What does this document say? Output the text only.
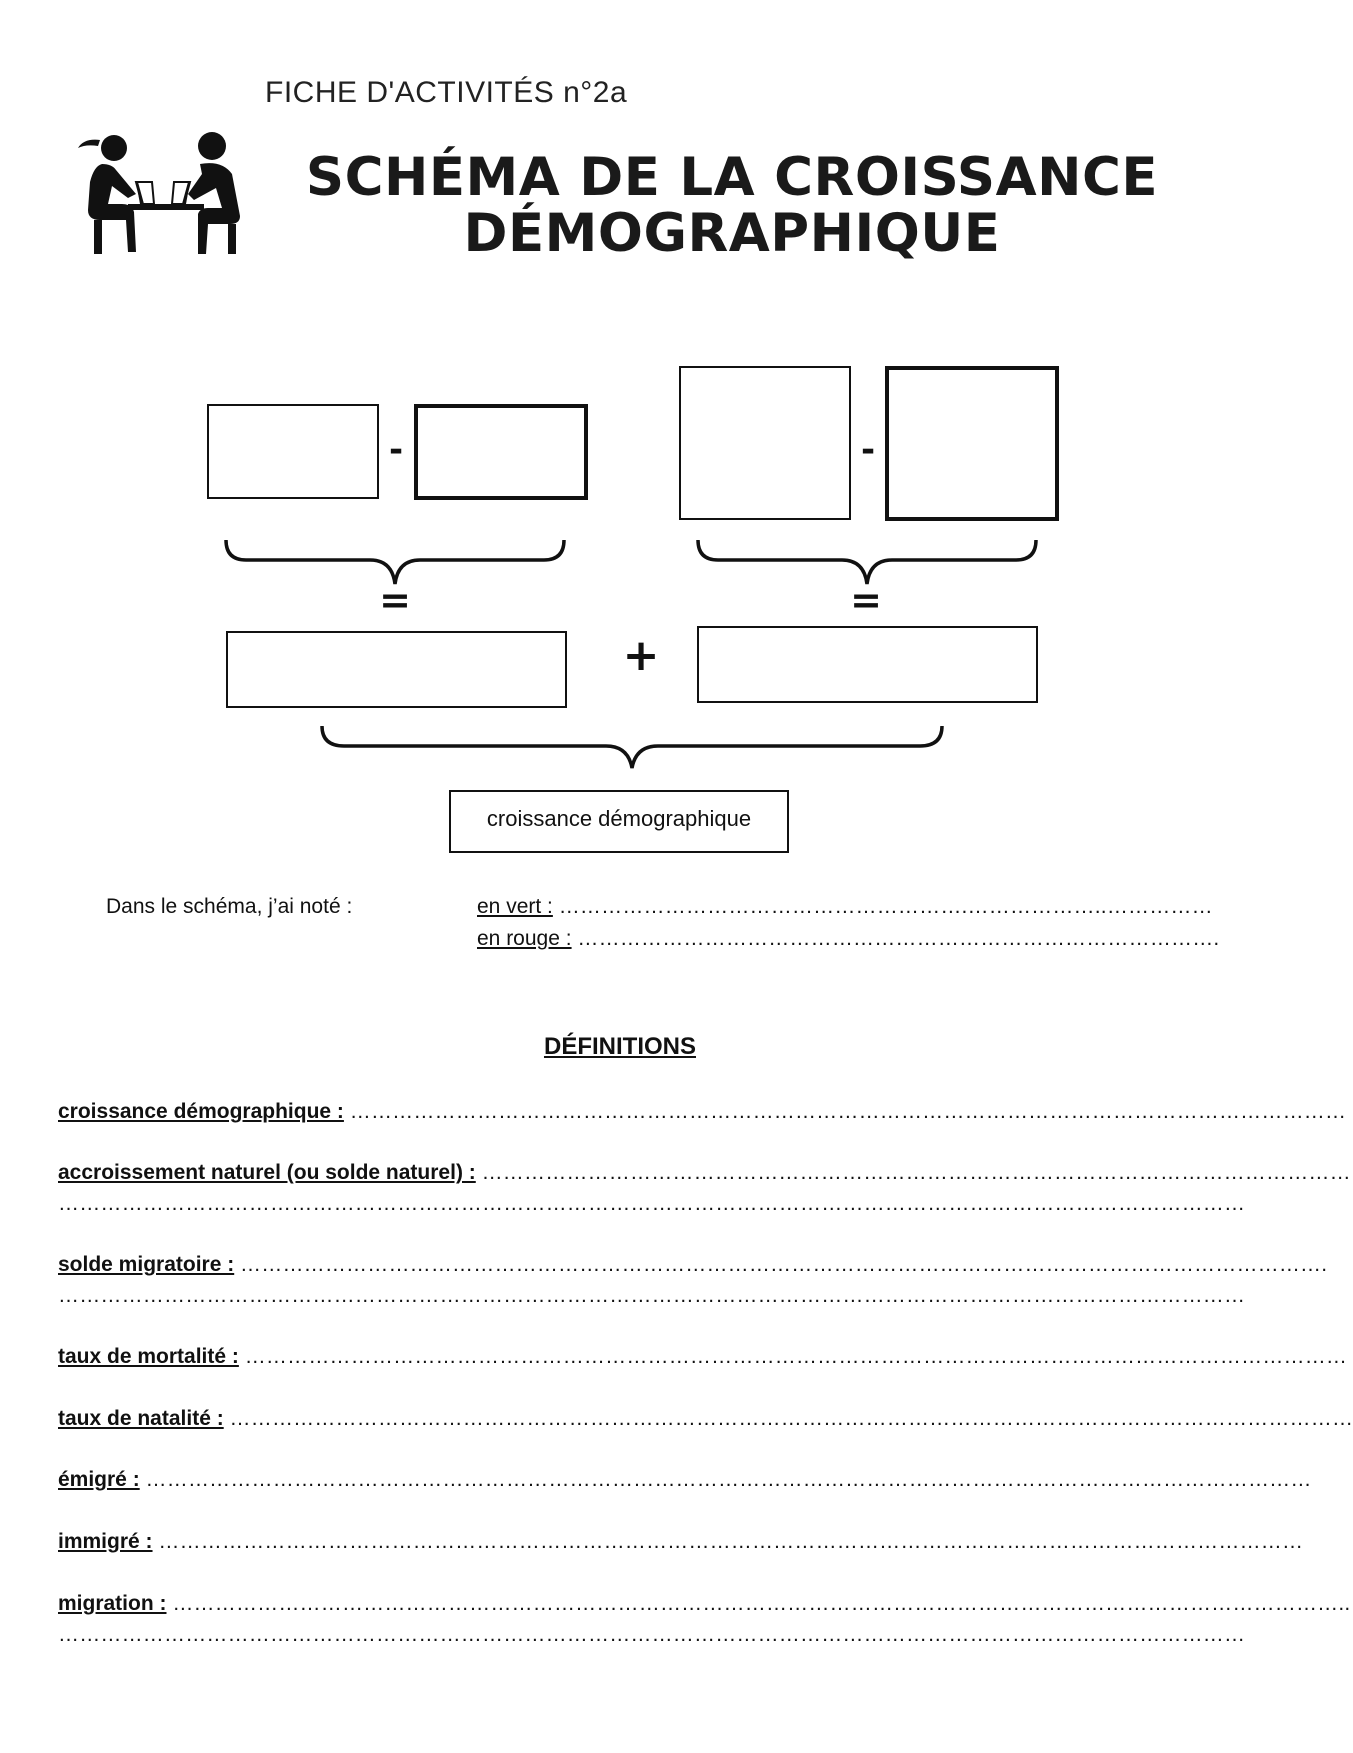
FICHE D'ACTIVITÉS n°2a
SCHÉMA DE LA CROISSANCE
DÉMOGRAPHIQUE
-	-
=	=
+
croissance démographique
Dans le schéma, j’ai noté :	en vert : ………………………………………………….………………..……………
en rouge : ……………………………………………………………………………….
DÉFINITIONS
croissance démographique : ……………………………………………………………………………………………………………………………
accroissement naturel (ou solde naturel) : ……………………………………………………………………………………………………………
……………………………………………………………………………………………………………………………………………………
solde migratoire : ……………………………………………………………………………………………………………………………………….
……………………………………………………………………………………………………………………………………………………
taux de mortalité : …………………………………………………………………………………………………………………………………………
taux de natalité : ……………………………………………………………………………………………………………………………………………
émigré : …………………………………………………………………………………………………………………………………………………
immigré : ………………………………………………………………………………………………………………………………………………
migration : …………………………………………………………………………………………………………………………………………………..
……………………………………………………………………………………………………………………………………………………
